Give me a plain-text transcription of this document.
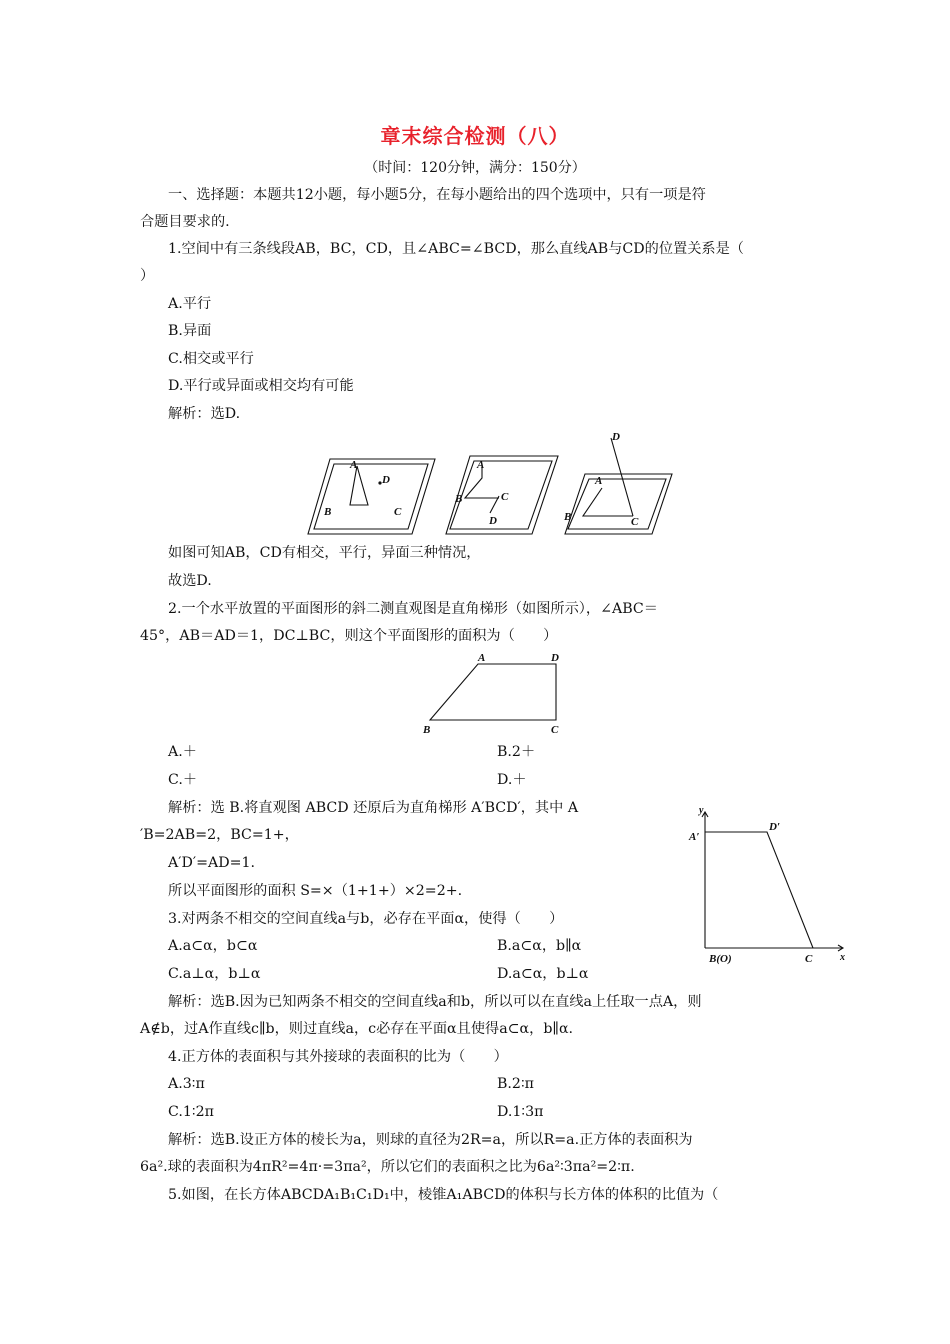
章末综合检测（八）
（时间：120分钟，满分：150分）
一、选择题：本题共12小题，每小题5分，在每小题给出的四个选项中，只有一项是符
合题目要求的.
1.空间中有三条线段AB，BC，CD，且∠ABC=∠BCD，那么直线AB与CD的位置关系是（
）
A.平行
B.异面
C.相交或平行
D.平行或异面或相交均有可能
解析：选D.
A
D
B	C
A
B	C
D
D
A
B	C
如图可知AB，CD有相交，平行，异面三种情况，
故选D.
2.一个水平放置的平面图形的斜二测直观图是直角梯形（如图所示），∠ABC＝
45°，AB＝AD＝1，DC⊥BC，则这个平面图形的面积为（　　）
A	D
B	C
A.＋	B.2＋
C.＋	D.＋
解析：选 B.将直观图 ABCD 还原后为直角梯形 A′BCD′，其中 A
′B=2AB=2，BC=1+，
A′D′=AD=1.
所以平面图形的面积 S=×（1+1+）×2=2+.
y
A′
D′
B(O)	C	x
3.对两条不相交的空间直线a与b，必存在平面α，使得（　　）
A.a⊂α，b⊂α	B.a⊂α，b∥α
C.a⊥α，b⊥α	D.a⊂α，b⊥α
解析：选B.因为已知两条不相交的空间直线a和b，所以可以在直线a上任取一点A，则
A∉b，过A作直线c∥b，则过直线a，c必存在平面α且使得a⊂α，b∥α.
4.正方体的表面积与其外接球的表面积的比为（　　）
A.3∶π	B.2∶π
C.1∶2π	D.1∶3π
解析：选B.设正方体的棱长为a，则球的直径为2R=a，所以R=a.正方体的表面积为
6a².球的表面积为4πR²=4π·=3πa²，所以它们的表面积之比为6a²∶3πa²=2∶π.
5.如图，在长方体ABCDA₁B₁C₁D₁中，棱锥A₁ABCD的体积与长方体的体积的比值为（
